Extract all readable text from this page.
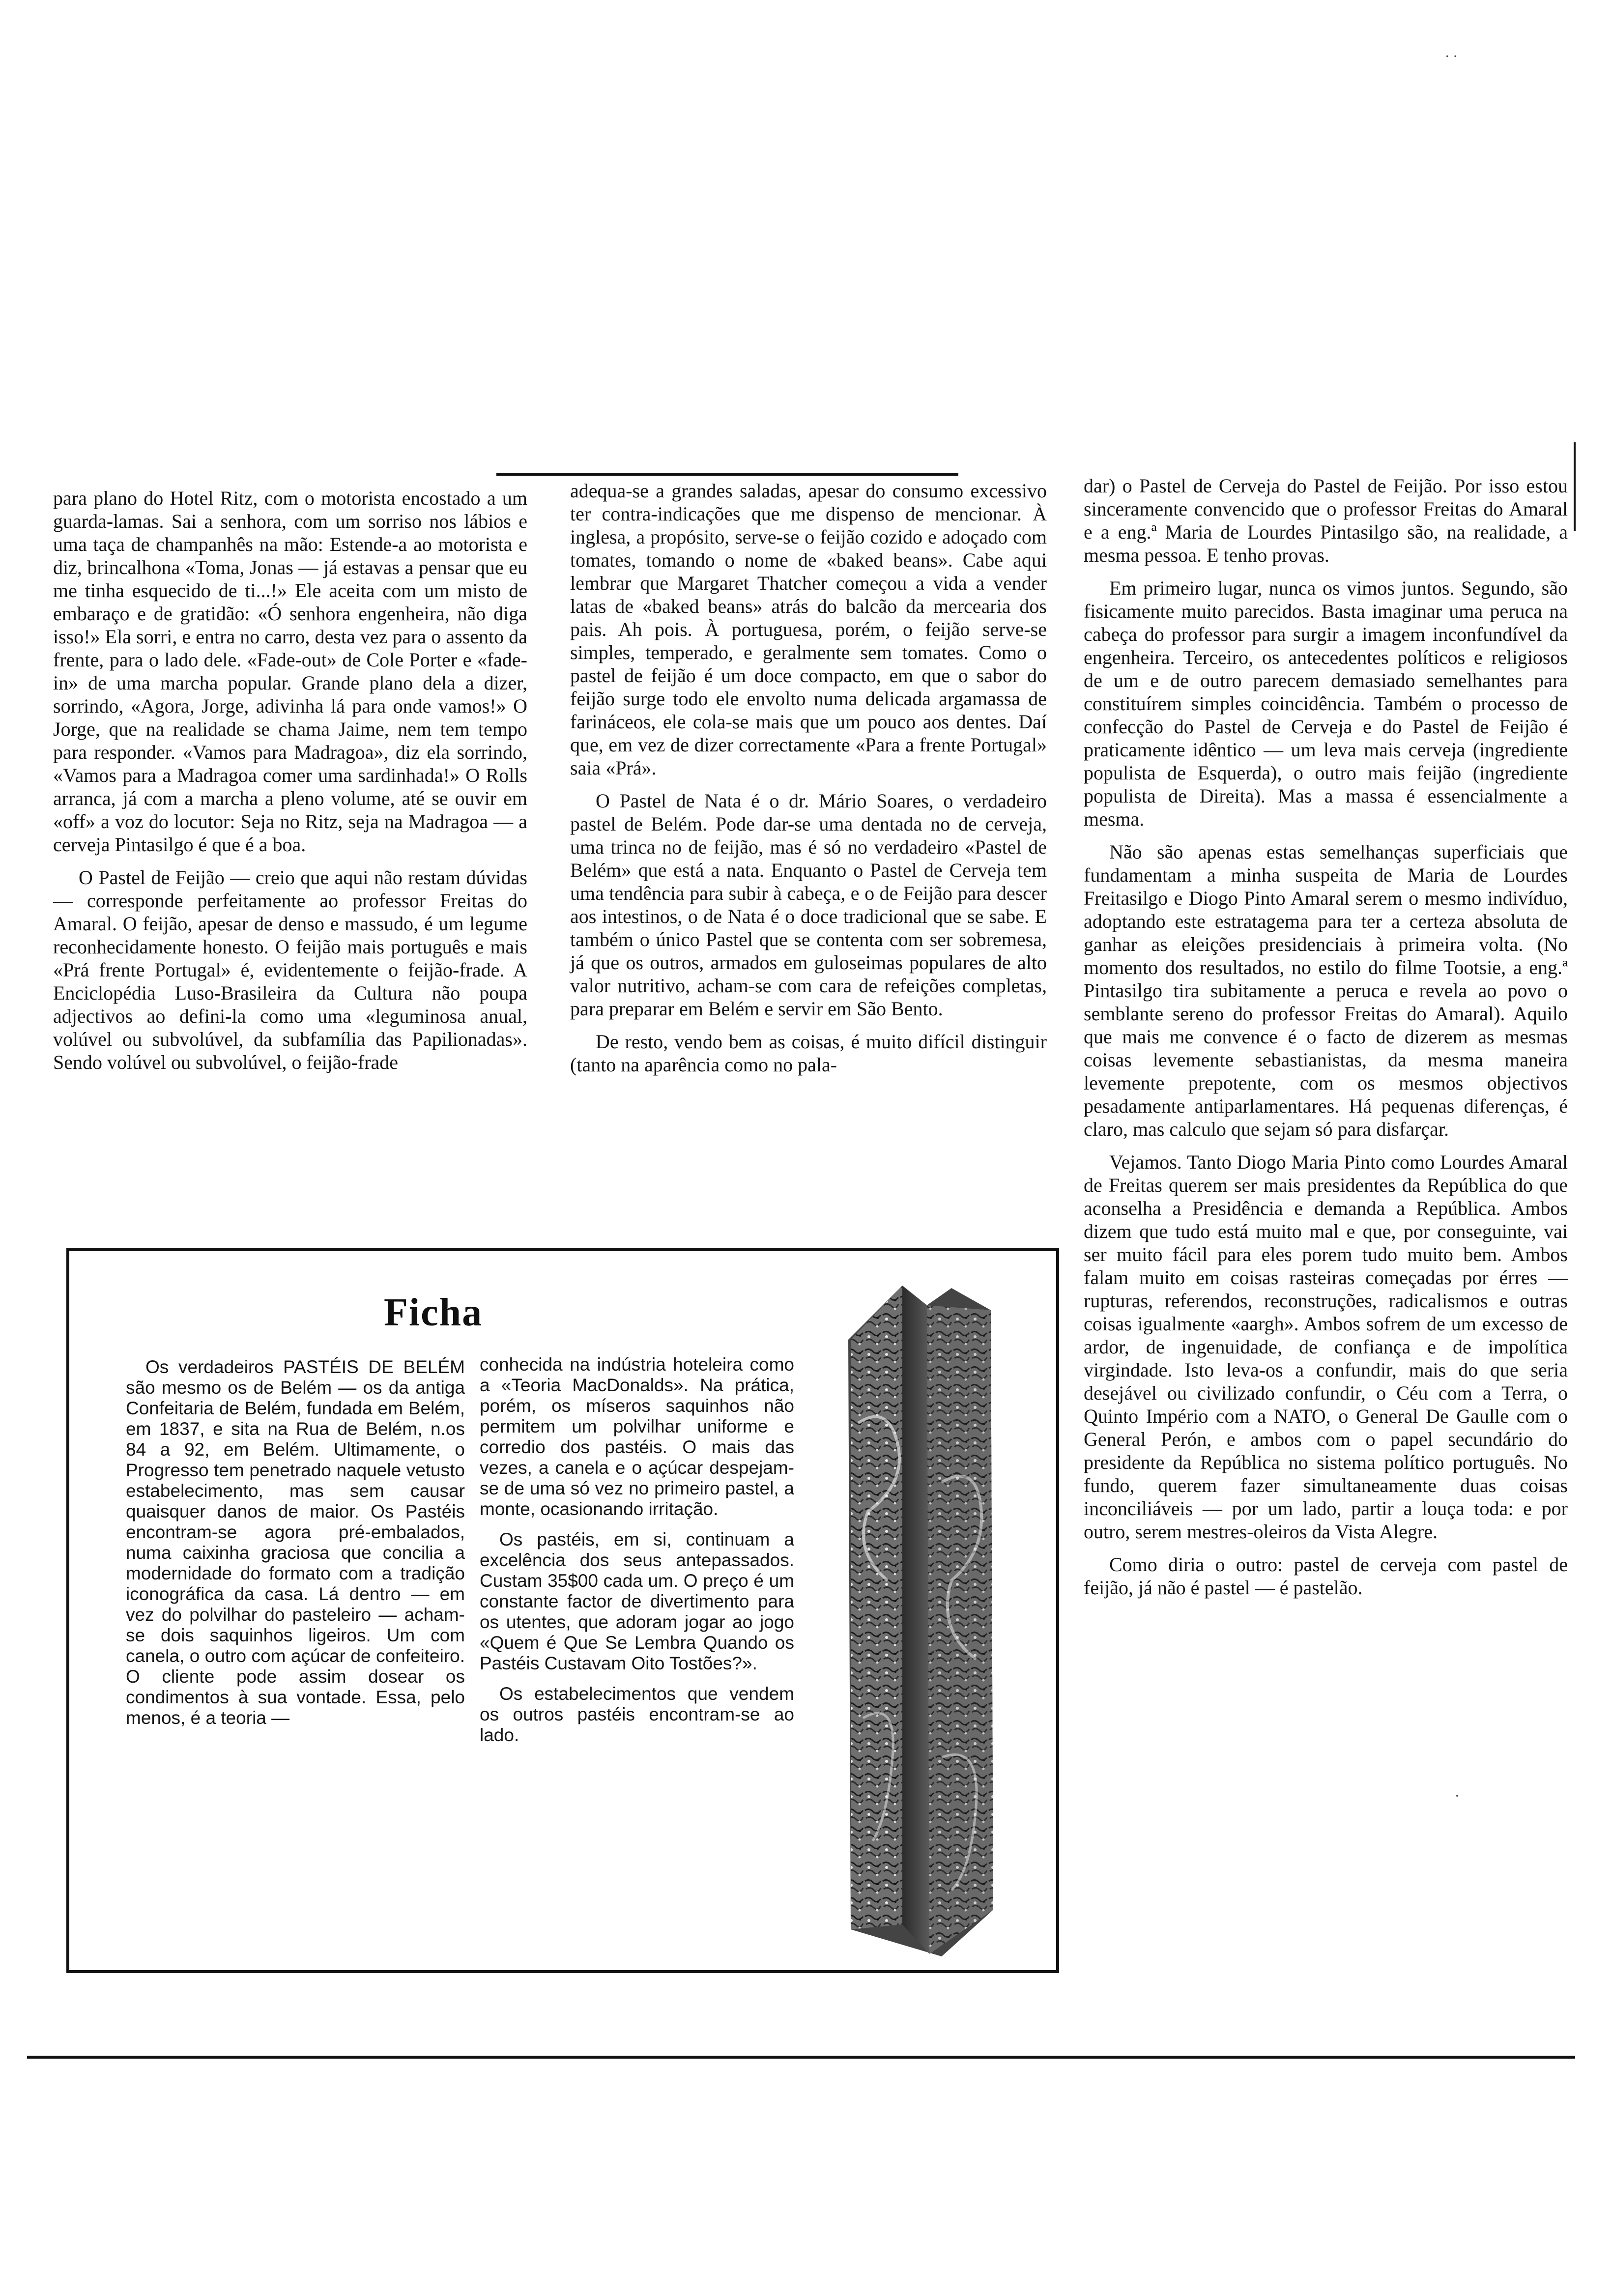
para plano do Hotel Ritz, com o motorista encostado a um guarda-lamas. Sai a senhora, com um sorriso nos lábios e uma taça de champanhês na mão: Estende-a ao motorista e diz, brincalhona «Toma, Jonas — já estavas a pensar que eu me tinha esquecido de ti...!» Ele aceita com um misto de embaraço e de gratidão: «Ó senhora engenheira, não diga isso!» Ela sorri, e entra no carro, desta vez para o assento da frente, para o lado dele. «Fade-out» de Cole Porter e «fade-in» de uma marcha popular. Grande plano dela a dizer, sorrindo, «Agora, Jorge, adivinha lá para onde vamos!» O Jorge, que na realidade se chama Jaime, nem tem tempo para responder. «Vamos para Madragoa», diz ela sorrindo, «Vamos para a Madragoa comer uma sardinhada!» O Rolls arranca, já com a marcha a pleno volume, até se ouvir em «off» a voz do locutor: Seja no Ritz, seja na Madragoa — a cerveja Pintasilgo é que é a boa.

O Pastel de Feijão — creio que aqui não restam dúvidas — corresponde perfeitamente ao professor Freitas do Amaral. O feijão, apesar de denso e massudo, é um legume reconhecidamente honesto. O feijão mais português e mais «Prá frente Portugal» é, evidentemente o feijão-frade. A Enciclopédia Luso-Brasileira da Cultura não poupa adjectivos ao defini-la como uma «leguminosa anual, volúvel ou subvolúvel, da subfamília das Papilionadas». Sendo volúvel ou subvolúvel, o feijão-frade

adequa-se a grandes saladas, apesar do consumo excessivo ter contra-indicações que me dispenso de mencionar. À inglesa, a propósito, serve-se o feijão cozido e adoçado com tomates, tomando o nome de «baked beans». Cabe aqui lembrar que Margaret Thatcher começou a vida a vender latas de «baked beans» atrás do balcão da mercearia dos pais. Ah pois. À portuguesa, porém, o feijão serve-se simples, temperado, e geralmente sem tomates. Como o pastel de feijão é um doce compacto, em que o sabor do feijão surge todo ele envolto numa delicada argamassa de farináceos, ele cola-se mais que um pouco aos dentes. Daí que, em vez de dizer correctamente «Para a frente Portugal» saia «Prá».

O Pastel de Nata é o dr. Mário Soares, o verdadeiro pastel de Belém. Pode dar-se uma dentada no de cerveja, uma trinca no de feijão, mas é só no verdadeiro «Pastel de Belém» que está a nata. Enquanto o Pastel de Cerveja tem uma tendência para subir à cabeça, e o de Feijão para descer aos intestinos, o de Nata é o doce tradicional que se sabe. E também o único Pastel que se contenta com ser sobremesa, já que os outros, armados em guloseimas populares de alto valor nutritivo, acham-se com cara de refeições completas, para preparar em Belém e servir em São Bento.

De resto, vendo bem as coisas, é muito difícil distinguir (tanto na aparência como no pala-

dar) o Pastel de Cerveja do Pastel de Feijão. Por isso estou sinceramente convencido que o professor Freitas do Amaral e a eng.ª Maria de Lourdes Pintasilgo são, na realidade, a mesma pessoa. E tenho provas.

Em primeiro lugar, nunca os vimos juntos. Segundo, são fisicamente muito parecidos. Basta imaginar uma peruca na cabeça do professor para surgir a imagem inconfundível da engenheira. Terceiro, os antecedentes políticos e religiosos de um e de outro parecem demasiado semelhantes para constituírem simples coincidência. Também o processo de confecção do Pastel de Cerveja e do Pastel de Feijão é praticamente idêntico — um leva mais cerveja (ingrediente populista de Esquerda), o outro mais feijão (ingrediente populista de Direita). Mas a massa é essencialmente a mesma.

Não são apenas estas semelhanças superficiais que fundamentam a minha suspeita de Maria de Lourdes Freitasilgo e Diogo Pinto Amaral serem o mesmo indivíduo, adoptando este estratagema para ter a certeza absoluta de ganhar as eleições presidenciais à primeira volta. (No momento dos resultados, no estilo do filme Tootsie, a eng.ª Pintasilgo tira subitamente a peruca e revela ao povo o semblante sereno do professor Freitas do Amaral). Aquilo que mais me convence é o facto de dizerem as mesmas coisas levemente sebastianistas, da mesma maneira levemente prepotente, com os mesmos objectivos pesadamente antiparlamentares. Há pequenas diferenças, é claro, mas calculo que sejam só para disfarçar.

Vejamos. Tanto Diogo Maria Pinto como Lourdes Amaral de Freitas querem ser mais presidentes da República do que aconselha a Presidência e demanda a República. Ambos dizem que tudo está muito mal e que, por conseguinte, vai ser muito fácil para eles porem tudo muito bem. Ambos falam muito em coisas rasteiras começadas por érres — rupturas, referendos, reconstruções, radicalismos e outras coisas igualmente «aargh». Ambos sofrem de um excesso de ardor, de ingenuidade, de confiança e de impolítica virgindade. Isto leva-os a confundir, mais do que seria desejável ou civilizado confundir, o Céu com a Terra, o Quinto Império com a NATO, o General De Gaulle com o General Perón, e ambos com o papel secundário do presidente da República no sistema político português. No fundo, querem fazer simultaneamente duas coisas inconciliáveis — por um lado, partir a louça toda: e por outro, serem mestres-oleiros da Vista Alegre.

Como diria o outro: pastel de cerveja com pastel de feijão, já não é pastel — é pastelão.

Ficha

Os verdadeiros PASTÉIS DE BELÉM são mesmo os de Belém — os da antiga Confeitaria de Belém, fundada em Belém, em 1837, e sita na Rua de Belém, n.os 84 a 92, em Belém. Ultimamente, o Progresso tem penetrado naquele vetusto estabelecimento, mas sem causar quaisquer danos de maior. Os Pastéis encontram-se agora pré-embalados, numa caixinha graciosa que concilia a modernidade do formato com a tradição iconográfica da casa. Lá dentro — em vez do polvilhar do pasteleiro — acham-se dois saquinhos ligeiros. Um com canela, o outro com açúcar de confeiteiro. O cliente pode assim dosear os condimentos à sua vontade. Essa, pelo menos, é a teoria —

conhecida na indústria hoteleira como a «Teoria MacDonalds». Na prática, porém, os míseros saquinhos não permitem um polvilhar uniforme e corredio dos pastéis. O mais das vezes, a canela e o açúcar despejam-se de uma só vez no primeiro pastel, a monte, ocasionando irritação.

Os pastéis, em si, continuam a excelência dos seus antepassados. Custam 35$00 cada um. O preço é um constante factor de divertimento para os utentes, que adoram jogar ao jogo «Quem é Que Se Lembra Quando os Pastéis Custavam Oito Tostões?».

Os estabelecimentos que vendem os outros pastéis encontram-se ao lado.

· ·
·
